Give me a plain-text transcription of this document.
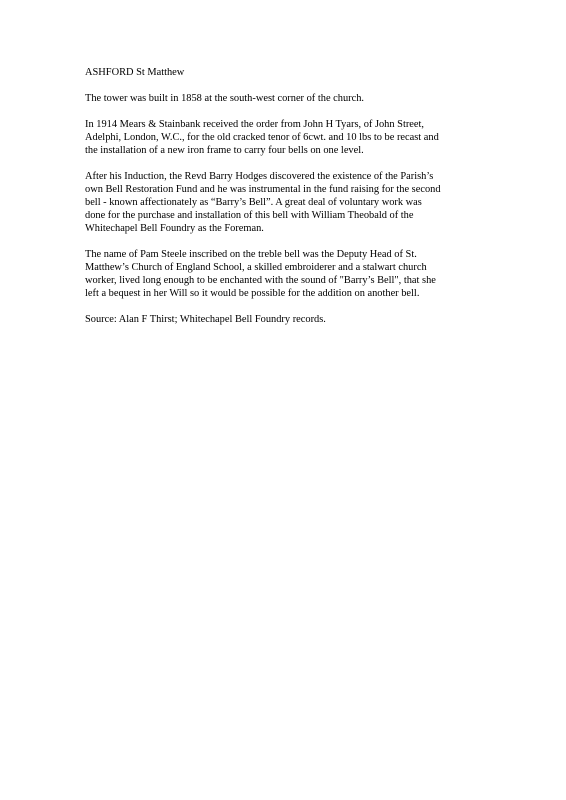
ASHFORD St Matthew

The tower was built in 1858 at the south-west corner of the church.

In 1914 Mears & Stainbank received the order from John H Tyars, of John Street,
Adelphi, London, W.C., for the old cracked tenor of 6cwt. and 10 lbs to be recast and
the installation of a new iron frame to carry four bells on one level.

After his Induction, the Revd Barry Hodges discovered the existence of the Parish’s
own Bell Restoration Fund and he was instrumental in the fund raising for the second
bell - known affectionately as “Barry’s Bell”. A great deal of voluntary work was
done for the purchase and installation of this bell with William Theobald of the
Whitechapel Bell Foundry as the Foreman.

The name of Pam Steele inscribed on the treble bell was the Deputy Head of St.
Matthew’s Church of England School, a skilled embroiderer and a stalwart church
worker, lived long enough to be enchanted with the sound of "Barry’s Bell", that she
left a bequest in her Will so it would be possible for the addition on another bell.

Source: Alan F Thirst; Whitechapel Bell Foundry records.
